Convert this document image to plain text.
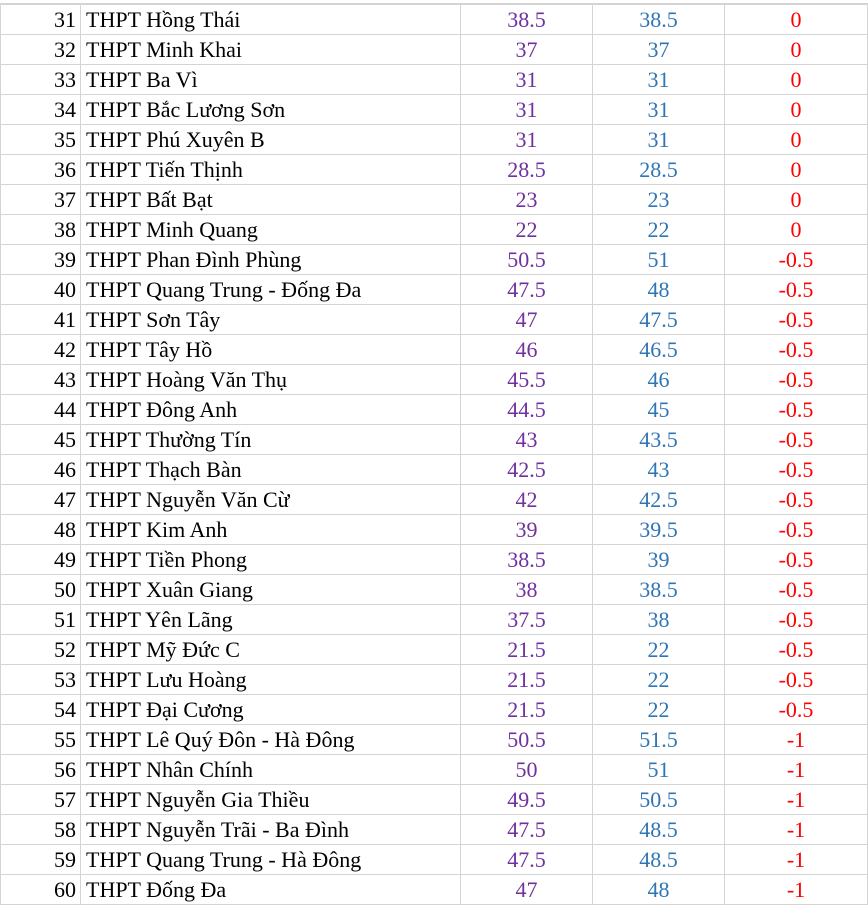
31	THPT Hồng Thái	38.5	38.5	0
32	THPT Minh Khai	37	37	0
33	THPT Ba Vì	31	31	0
34	THPT Bắc Lương Sơn	31	31	0
35	THPT Phú Xuyên B	31	31	0
36	THPT Tiến Thịnh	28.5	28.5	0
37	THPT Bất Bạt	23	23	0
38	THPT Minh Quang	22	22	0
39	THPT Phan Đình Phùng	50.5	51	-0.5
40	THPT Quang Trung - Đống Đa	47.5	48	-0.5
41	THPT Sơn Tây	47	47.5	-0.5
42	THPT Tây Hồ	46	46.5	-0.5
43	THPT Hoàng Văn Thụ	45.5	46	-0.5
44	THPT Đông Anh	44.5	45	-0.5
45	THPT Thường Tín	43	43.5	-0.5
46	THPT Thạch Bàn	42.5	43	-0.5
47	THPT Nguyễn Văn Cừ	42	42.5	-0.5
48	THPT Kim Anh	39	39.5	-0.5
49	THPT Tiền Phong	38.5	39	-0.5
50	THPT Xuân Giang	38	38.5	-0.5
51	THPT Yên Lãng	37.5	38	-0.5
52	THPT Mỹ Đức C	21.5	22	-0.5
53	THPT Lưu Hoàng	21.5	22	-0.5
54	THPT Đại Cương	21.5	22	-0.5
55	THPT Lê Quý Đôn - Hà Đông	50.5	51.5	-1
56	THPT Nhân Chính	50	51	-1
57	THPT Nguyễn Gia Thiều	49.5	50.5	-1
58	THPT Nguyễn Trãi - Ba Đình	47.5	48.5	-1
59	THPT Quang Trung - Hà Đông	47.5	48.5	-1
60	THPT Đống Đa	47	48	-1
